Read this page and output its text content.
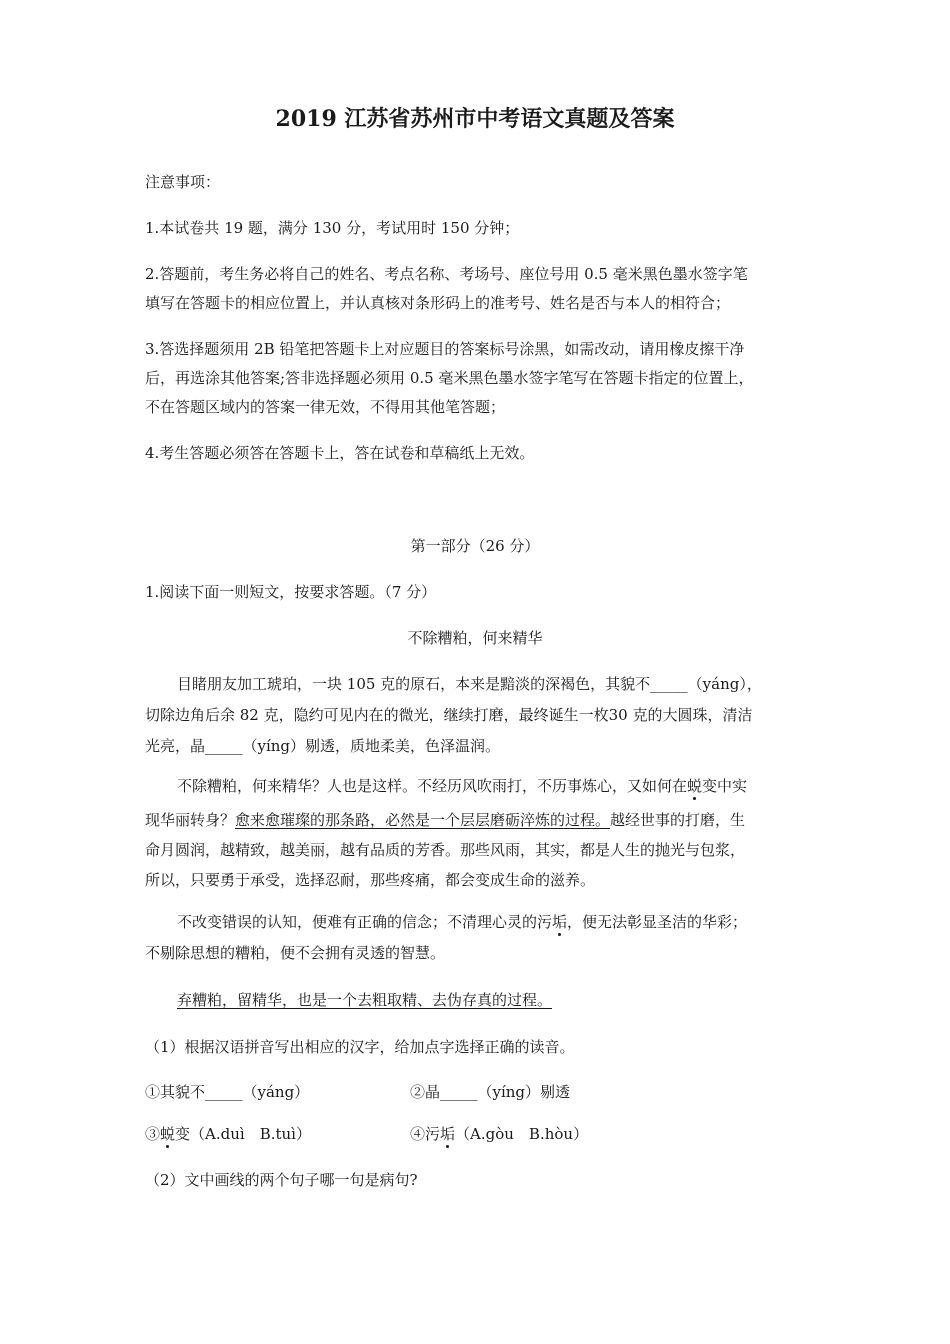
2019 江苏省苏州市中考语文真题及答案
注意事项：
1.本试卷共 19 题，满分 130 分，考试用时 150 分钟；
2.答题前，考生务必将自己的姓名、考点名称、考场号、座位号用 0.5 毫米黑色墨水签字笔
填写在答题卡的相应位置上，并认真核对条形码上的准考号、姓名是否与本人的相符合；
3.答选择题须用 2B 铅笔把答题卡上对应题目的答案标号涂黑，如需改动，请用橡皮擦干净
后，再选涂其他答案;答非选择题必须用 0.5 毫米黑色墨水签字笔写在答题卡指定的位置上，
不在答题区域内的答案一律无效，不得用其他笔答题；
4.考生答题必须答在答题卡上，答在试卷和草稿纸上无效。
第一部分（26 分）
1.阅读下面一则短文，按要求答题。（7 分）
不除糟粕，何来精华
目睹朋友加工琥珀，一块 105 克的原石，本来是黯淡的深褐色，其貌不_____（yáng），
切除边角后余 82 克，隐约可见内在的微光，继续打磨，最终诞生一枚30 克的大圆珠，清洁
光亮，晶_____（yíng）剔透，质地柔美，色泽温润。
不除糟粕，何来精华？人也是这样。不经历风吹雨打，不历事炼心，又如何在蜕变中实
现华丽转身？愈来愈璀璨的那条路，必然是一个层层磨砺淬炼的过程。越经世事的打磨，生
命月圆润，越精致，越美丽，越有品质的芳香。那些风雨，其实，都是人生的抛光与包浆，
所以，只要勇于承受，选择忍耐，那些疼痛，都会变成生命的滋养。
不改变错误的认知，便难有正确的信念；不清理心灵的污垢，便无法彰显圣洁的华彩；
不剔除思想的糟粕，便不会拥有灵透的智慧。
弃糟粕，留精华，也是一个去粗取精、去伪存真的过程。
（1）根据汉语拼音写出相应的汉字，给加点字选择正确的读音。
①其貌不_____（yáng）	②晶_____（yíng）剔透
③蜕变（A.duì　B.tuì）	④污垢（A.gòu　B.hòu）
（2）文中画线的两个句子哪一句是病句?
